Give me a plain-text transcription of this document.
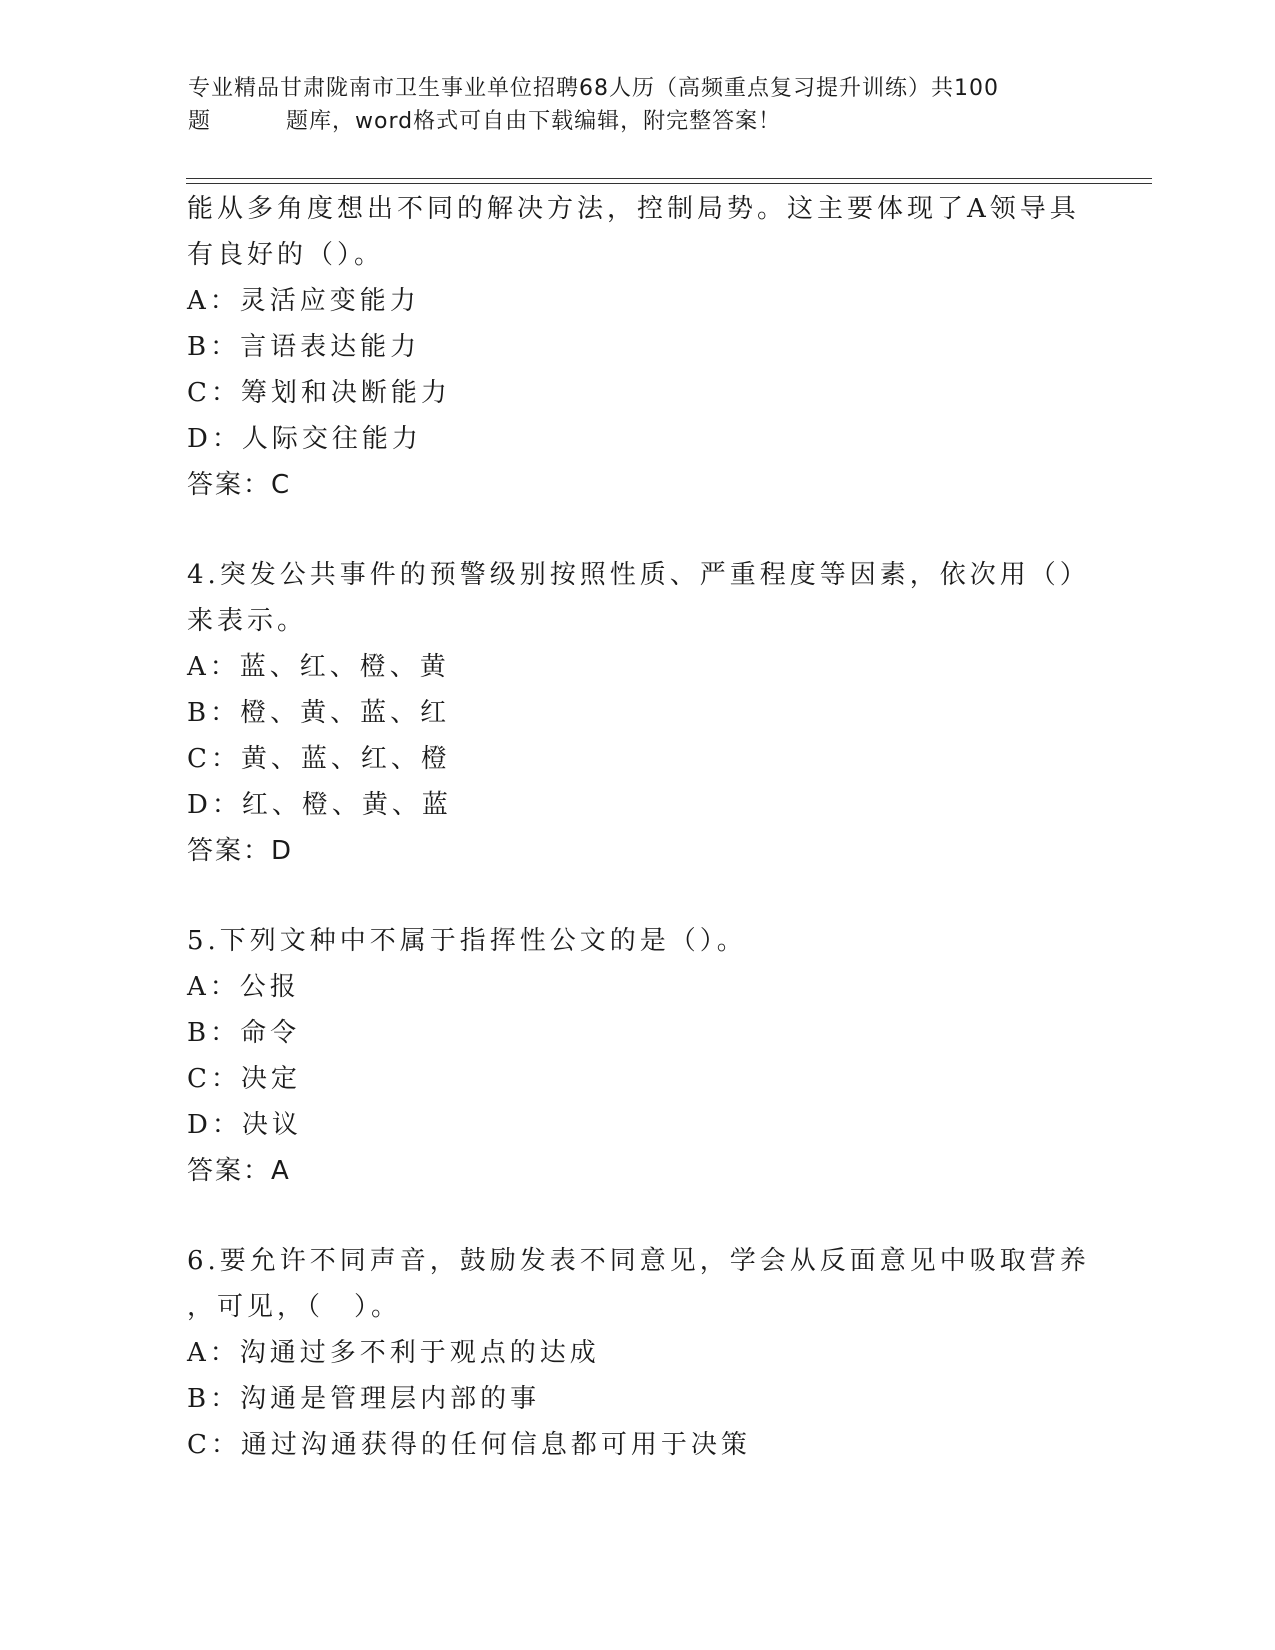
专业精品甘肃陇南市卫生事业单位招聘68人历（高频重点复习提升训练）共100
题	题库，word格式可自由下载编辑，附完整答案！
能从多角度想出不同的解决方法，控制局势。这主要体现了A领导具
有良好的（）。
A：灵活应变能力
B：言语表达能力
C：筹划和决断能力
D：人际交往能力
答案：C
4.突发公共事件的预警级别按照性质、严重程度等因素，依次用（）
来表示。
A：蓝、红、橙、黄
B：橙、黄、蓝、红
C：黄、蓝、红、橙
D：红、橙、黄、蓝
答案：D
5.下列文种中不属于指挥性公文的是（）。
A：公报
B：命令
C：决定
D：决议
答案：A
6.要允许不同声音，鼓励发表不同意见，学会从反面意见中吸取营养
，可见，（　）。
A：沟通过多不利于观点的达成
B：沟通是管理层内部的事
C：通过沟通获得的任何信息都可用于决策
